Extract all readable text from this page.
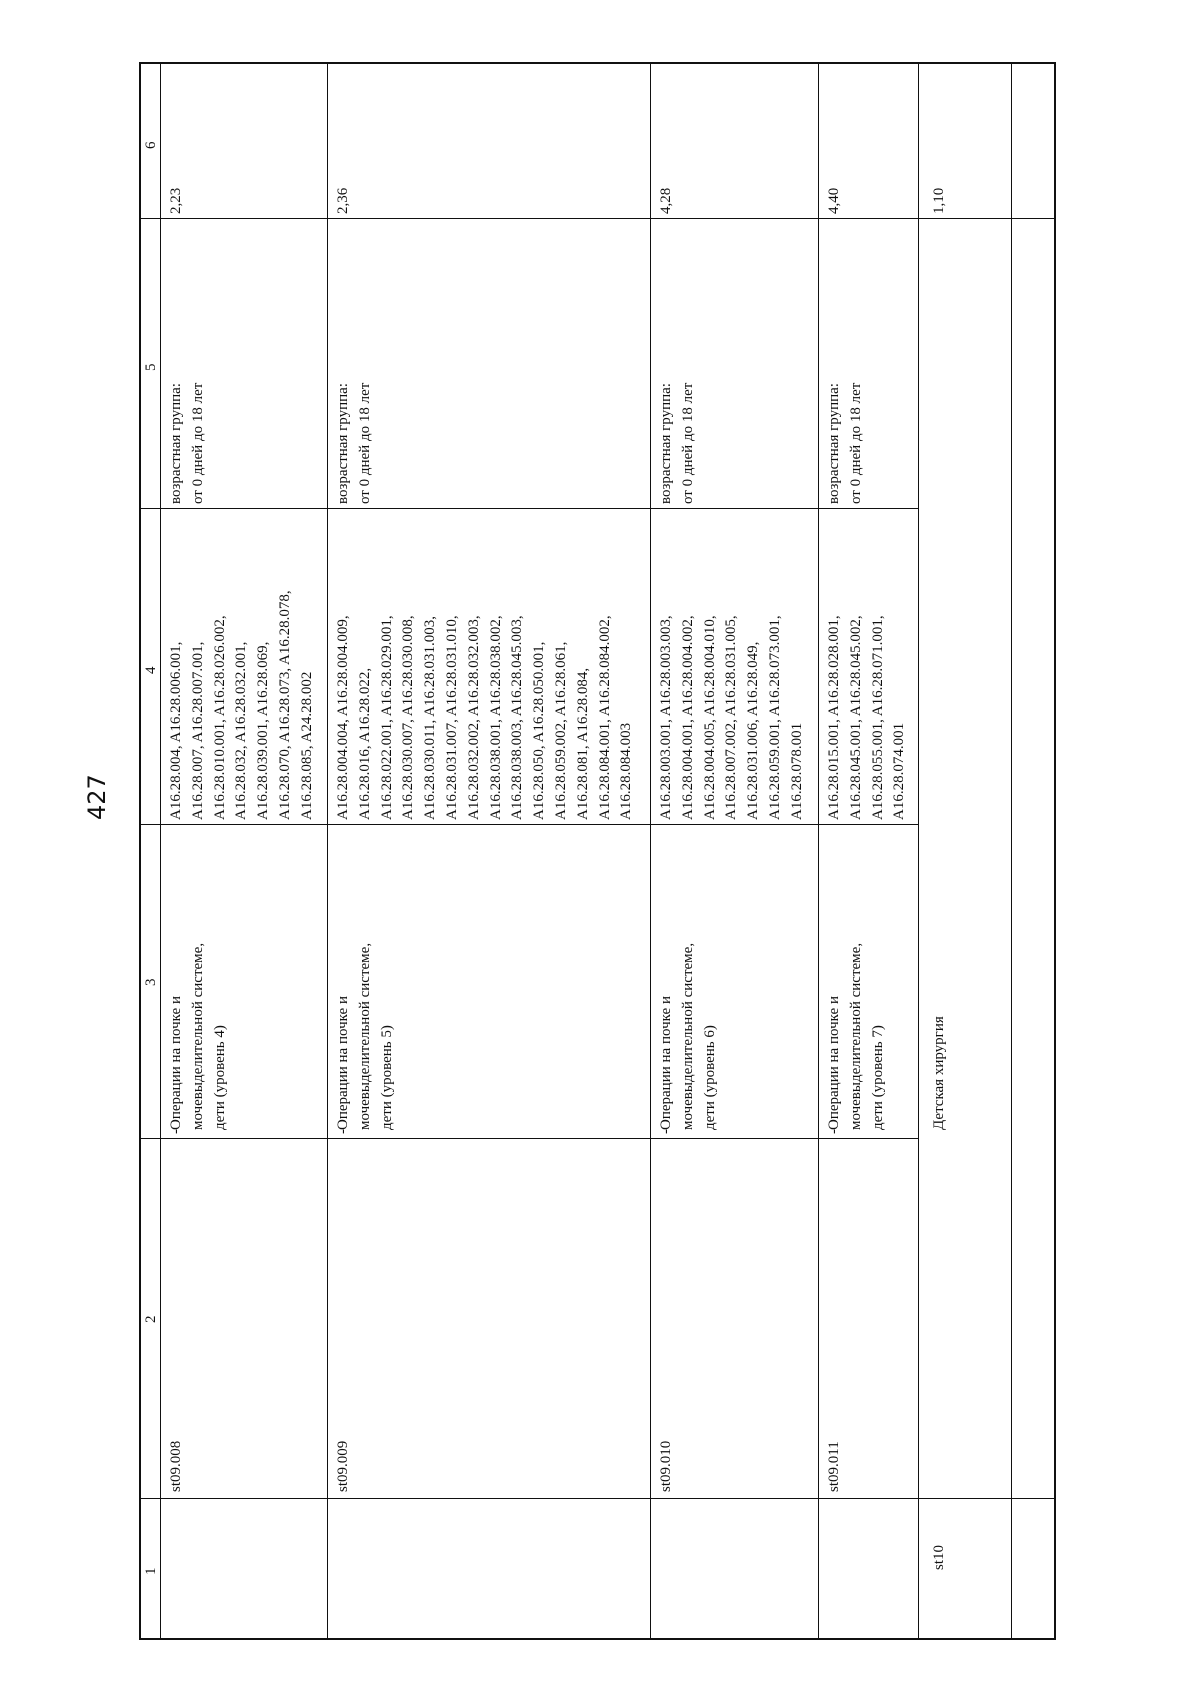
427
1
2
3
4
5
6
st09.008
Операции на почке и
мочевыделительной системе,
дети (уровень 4)
-
A16.28.004, A16.28.006.001,
A16.28.007, A16.28.007.001,
A16.28.010.001, A16.28.026.002,
A16.28.032, A16.28.032.001,
A16.28.039.001, A16.28.069,
A16.28.070, A16.28.073, A16.28.078,
A16.28.085, A24.28.002
возрастная группа:
от 0 дней до 18 лет
2,23
st09.009
Операции на почке и
мочевыделительной системе,
дети (уровень 5)
-
A16.28.004.004, A16.28.004.009,
A16.28.016, A16.28.022,
A16.28.022.001, A16.28.029.001,
A16.28.030.007, A16.28.030.008,
A16.28.030.011, A16.28.031.003,
A16.28.031.007, A16.28.031.010,
A16.28.032.002, A16.28.032.003,
A16.28.038.001, A16.28.038.002,
A16.28.038.003, A16.28.045.003,
A16.28.050, A16.28.050.001,
A16.28.059.002, A16.28.061,
A16.28.081, A16.28.084,
A16.28.084.001, A16.28.084.002,
A16.28.084.003
возрастная группа:
от 0 дней до 18 лет
2,36
st09.010
Операции на почке и
мочевыделительной системе,
дети (уровень 6)
-
A16.28.003.001, A16.28.003.003,
A16.28.004.001, A16.28.004.002,
A16.28.004.005, A16.28.004.010,
A16.28.007.002, A16.28.031.005,
A16.28.031.006, A16.28.049,
A16.28.059.001, A16.28.073.001,
A16.28.078.001
возрастная группа:
от 0 дней до 18 лет
4,28
st09.011
Операции на почке и
мочевыделительной системе,
дети (уровень 7)
-
A16.28.015.001, A16.28.028.001,
A16.28.045.001, A16.28.045.002,
A16.28.055.001, A16.28.071.001,
A16.28.074.001
возрастная группа:
от 0 дней до 18 лет
4,40
st10
Детская хирургия
1,10
